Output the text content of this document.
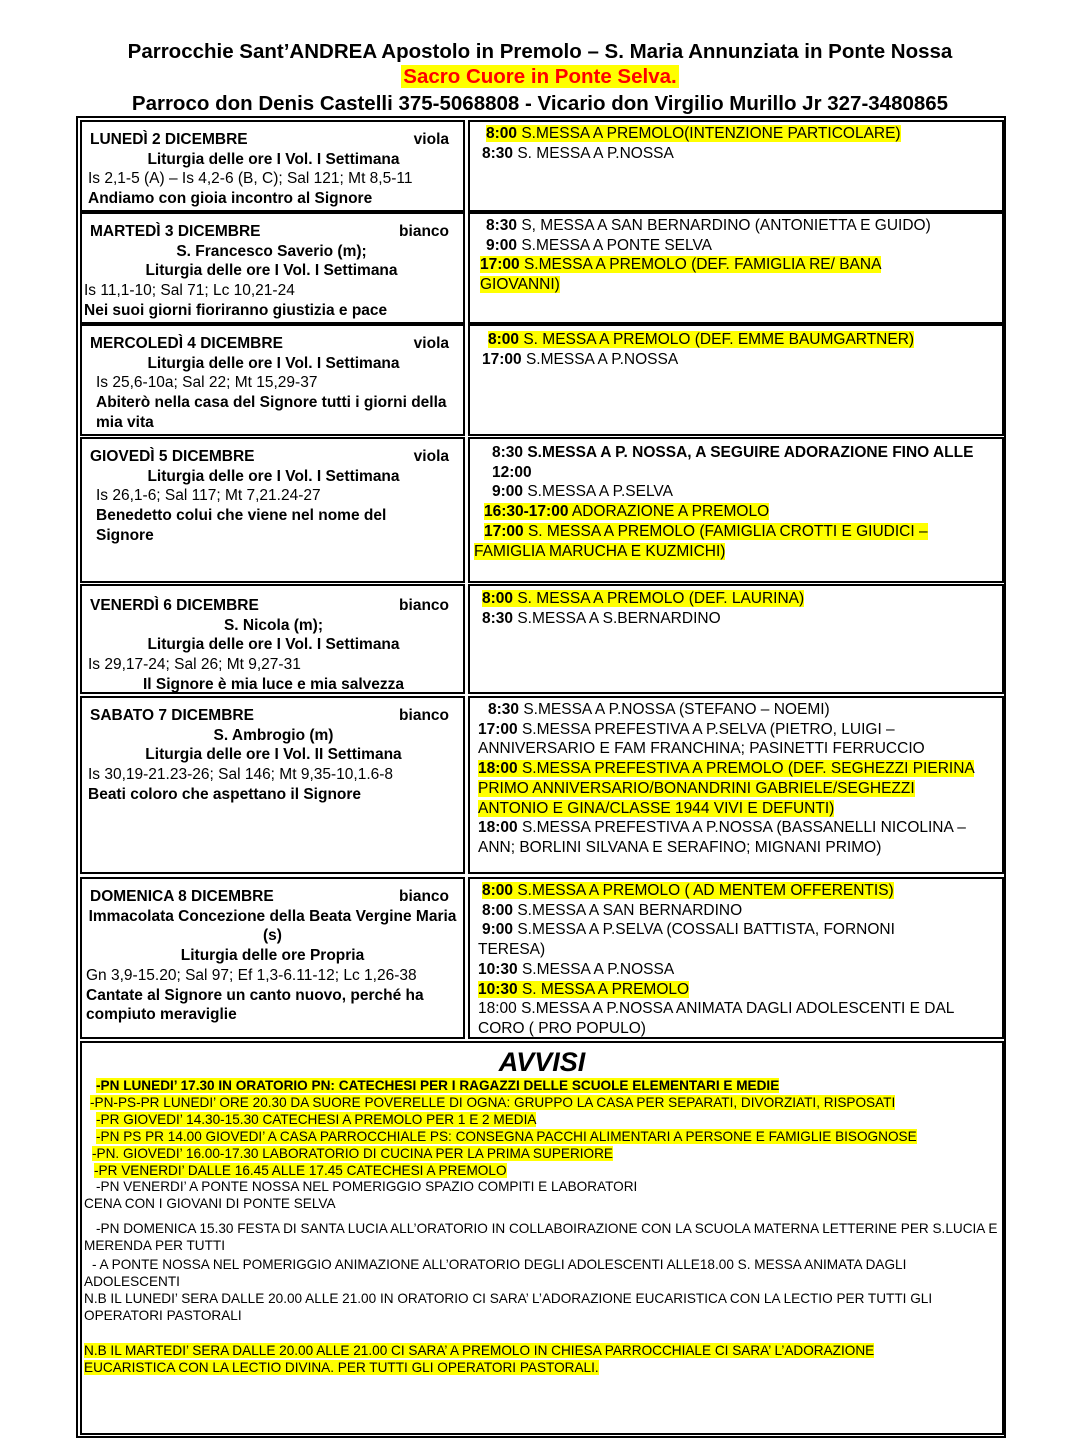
Parrocchie Sant’ANDREA Apostolo in Premolo – S. Maria Annunziata in Ponte Nossa
Sacro Cuore in Ponte Selva.
Parroco don Denis Castelli 375-5068808 - Vicario don Virgilio Murillo Jr 327-3480865
LUNEDÌ 2 DICEMBRE	viola
Liturgia delle ore I Vol. I Settimana
Is 2,1-5 (A) – Is 4,2-6 (B, C); Sal 121; Mt 8,5-11
Andiamo con gioia incontro al Signore
8:00 S.MESSA A PREMOLO(INTENZIONE PARTICOLARE)
8:30 S. MESSA A P.NOSSA
MARTEDÌ 3 DICEMBRE	bianco
S. Francesco Saverio (m);
Liturgia delle ore I Vol. I Settimana
Is 11,1-10; Sal 71; Lc 10,21-24
Nei suoi giorni fioriranno giustizia e pace
8:30 S, MESSA A SAN BERNARDINO (ANTONIETTA E GUIDO)
9:00 S.MESSA A PONTE SELVA
17:00 S.MESSA A PREMOLO (DEF. FAMIGLIA RE/ BANA GIOVANNI)
MERCOLEDÌ 4 DICEMBRE	viola
Liturgia delle ore I Vol. I Settimana
Is 25,6-10a; Sal 22; Mt 15,29-37
Abiterò nella casa del Signore tutti i giorni della mia vita
8:00 S. MESSA A PREMOLO (DEF. EMME BAUMGARTNER)
17:00 S.MESSA A P.NOSSA
GIOVEDÌ 5 DICEMBRE	viola
Liturgia delle ore I Vol. I Settimana
Is 26,1-6; Sal 117; Mt 7,21.24-27
Benedetto colui che viene nel nome del Signore
8:30 S.MESSA A P. NOSSA, A SEGUIRE ADORAZIONE FINO ALLE 12:00
9:00 S.MESSA A P.SELVA
16:30-17:00 ADORAZIONE A PREMOLO
17:00 S. MESSA A PREMOLO (FAMIGLIA CROTTI E GIUDICI – FAMIGLIA MARUCHA E KUZMICHI)
VENERDÌ 6 DICEMBRE	bianco
S. Nicola (m);
Liturgia delle ore I Vol. I Settimana
Is 29,17-24; Sal 26; Mt 9,27-31
Il Signore è mia luce e mia salvezza
8:00 S. MESSA A PREMOLO (DEF. LAURINA)
8:30 S.MESSA A S.BERNARDINO
SABATO 7 DICEMBRE	bianco
S. Ambrogio (m)
Liturgia delle ore I Vol. II Settimana
Is 30,19-21.23-26; Sal 146; Mt 9,35-10,1.6-8
Beati coloro che aspettano il Signore
8:30 S.MESSA A P.NOSSA (STEFANO – NOEMI)
17:00 S.MESSA PREFESTIVA A P.SELVA (PIETRO, LUIGI – ANNIVERSARIO E FAM FRANCHINA; PASINETTI FERRUCCIO
18:00 S.MESSA PREFESTIVA A PREMOLO (DEF. SEGHEZZI PIERINA PRIMO ANNIVERSARIO/BONANDRINI GABRIELE/SEGHEZZI ANTONIO E GINA/CLASSE 1944 VIVI E DEFUNTI)
18:00 S.MESSA PREFESTIVA A P.NOSSA (BASSANELLI NICOLINA – ANN; BORLINI SILVANA E SERAFINO; MIGNANI PRIMO)
DOMENICA 8 DICEMBRE	bianco
Immacolata Concezione della Beata Vergine Maria (s)
Liturgia delle ore Propria
Gn 3,9-15.20; Sal 97; Ef 1,3-6.11-12; Lc 1,26-38
Cantate al Signore un canto nuovo, perché ha compiuto meraviglie
8:00 S.MESSA A PREMOLO ( AD MENTEM OFFERENTIS)
8:00 S.MESSA A SAN BERNARDINO
9:00 S.MESSA A P.SELVA (COSSALI BATTISTA, FORNONI TERESA)
10:30 S.MESSA A P.NOSSA
10:30 S. MESSA A PREMOLO
18:00 S.MESSA A P.NOSSA ANIMATA DAGLI ADOLESCENTI E DAL CORO ( PRO POPULO)
AVVISI
-PN LUNEDI’ 17.30 IN ORATORIO PN: CATECHESI PER I RAGAZZI DELLE SCUOLE ELEMENTARI E MEDIE
-PN-PS-PR LUNEDI’ ORE 20.30 DA SUORE POVERELLE DI OGNA: GRUPPO LA CASA PER SEPARATI, DIVORZIATI, RISPOSATI
-PR GIOVEDI’ 14.30-15.30 CATECHESI A PREMOLO PER 1 E 2 MEDIA
-PN PS PR 14.00 GIOVEDI’ A CASA PARROCCHIALE PS: CONSEGNA PACCHI ALIMENTARI A PERSONE E FAMIGLIE BISOGNOSE
-PN. GIOVEDI’ 16.00-17.30 LABORATORIO DI CUCINA PER LA PRIMA SUPERIORE
-PR VENERDI’ DALLE 16.45 ALLE 17.45 CATECHESI A PREMOLO
-PN VENERDI’ A PONTE NOSSA NEL POMERIGGIO SPAZIO COMPITI E LABORATORI
CENA CON I GIOVANI DI PONTE SELVA
-PN DOMENICA 15.30 FESTA DI SANTA LUCIA ALL’ORATORIO IN COLLABOIRAZIONE CON LA SCUOLA MATERNA LETTERINE PER S.LUCIA E MERENDA PER TUTTI
- A PONTE NOSSA NEL POMERIGGIO ANIMAZIONE ALL’ORATORIO DEGLI ADOLESCENTI ALLE18.00 S. MESSA ANIMATA DAGLI ADOLESCENTI
N.B IL LUNEDI’ SERA DALLE 20.00 ALLE 21.00 IN ORATORIO CI SARA’ L’ADORAZIONE EUCARISTICA CON LA LECTIO PER TUTTI GLI OPERATORI PASTORALI
N.B IL MARTEDI’ SERA DALLE 20.00 ALLE 21.00 CI SARA’ A PREMOLO IN CHIESA PARROCCHIALE CI SARA’ L’ADORAZIONE EUCARISTICA CON LA LECTIO DIVINA. PER TUTTI GLI OPERATORI PASTORALI.
